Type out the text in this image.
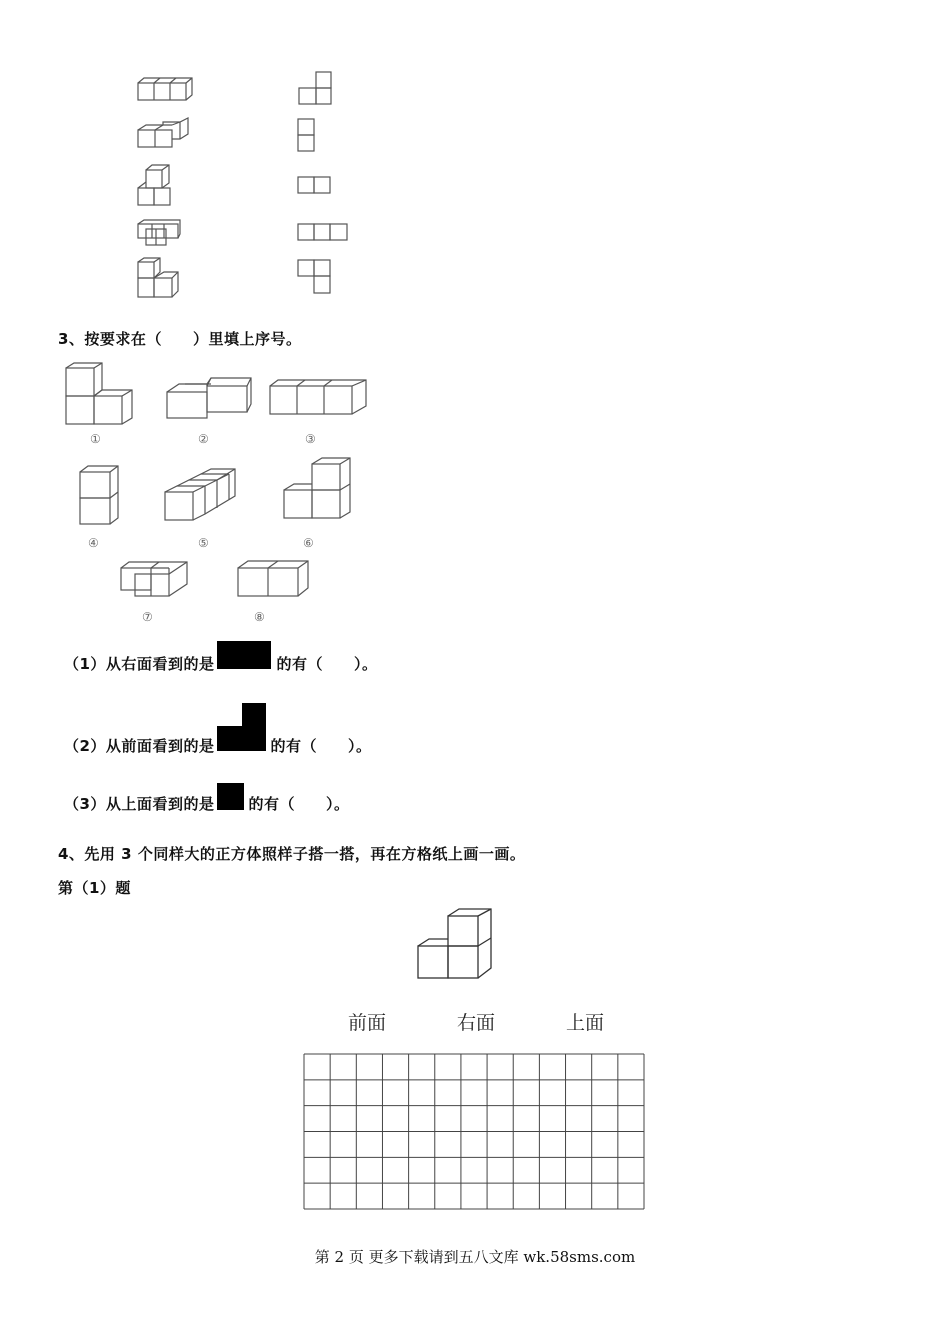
3、按要求在（　　）里填上序号。
①	②	③
④	⑤	⑥
⑦	⑧
（1）从右面看到的是	的有（　　）。
（2）从前面看到的是	的有（　　）。
（3）从上面看到的是 的有（　　）。
4、先用 3 个同样大的正方体照样子搭一搭，再在方格纸上画一画。
第（1）题
前面	右面	上面
第 2 页 更多下载请到五八文库 wk.58sms.com
